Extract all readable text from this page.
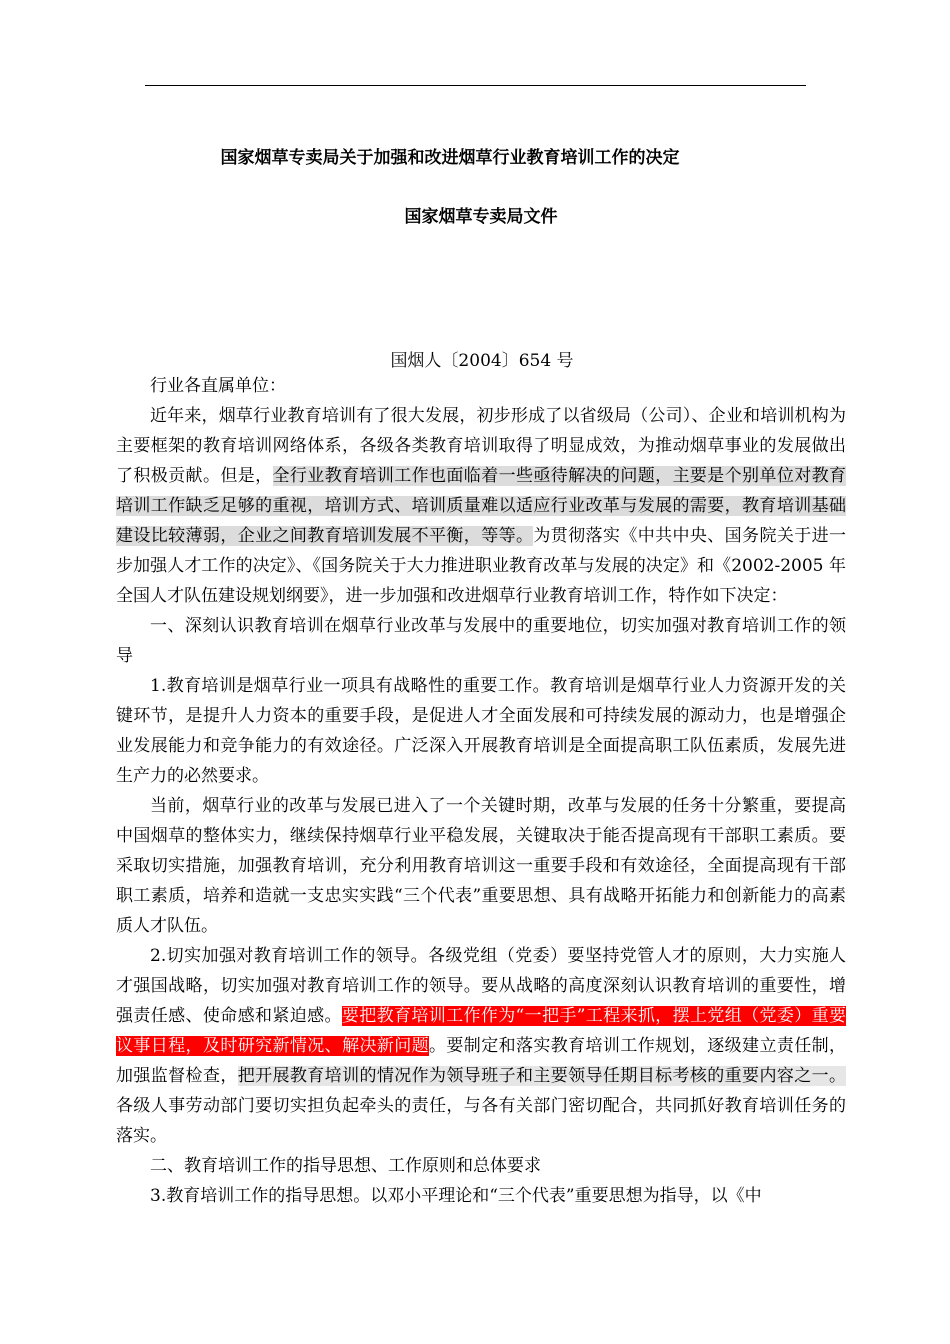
国家烟草专卖局关于加强和改进烟草行业教育培训工作的决定
国家烟草专卖局文件
国烟人〔2004〕654 号

行业各直属单位：

近年来，烟草行业教育培训有了很大发展，初步形成了以省级局（公司）、企业和培训机构为主要框架的教育培训网络体系，各级各类教育培训取得了明显成效，为推动烟草事业的发展做出了积极贡献。但是，全行业教育培训工作也面临着一些亟待解决的问题，主要是个别单位对教育培训工作缺乏足够的重视，培训方式、培训质量难以适应行业改革与发展的需要，教育培训基础建设比较薄弱，企业之间教育培训发展不平衡，等等。为贯彻落实《中共中央、国务院关于进一步加强人才工作的决定》、《国务院关于大力推进职业教育改革与发展的决定》和《2002-2005 年全国人才队伍建设规划纲要》，进一步加强和改进烟草行业教育培训工作，特作如下决定：

一、深刻认识教育培训在烟草行业改革与发展中的重要地位，切实加强对教育培训工作的领导

1.教育培训是烟草行业一项具有战略性的重要工作。教育培训是烟草行业人力资源开发的关键环节，是提升人力资本的重要手段，是促进人才全面发展和可持续发展的源动力，也是增强企业发展能力和竞争能力的有效途径。广泛深入开展教育培训是全面提高职工队伍素质，发展先进生产力的必然要求。

当前，烟草行业的改革与发展已进入了一个关键时期，改革与发展的任务十分繁重，要提高中国烟草的整体实力，继续保持烟草行业平稳发展，关键取决于能否提高现有干部职工素质。要采取切实措施，加强教育培训，充分利用教育培训这一重要手段和有效途径，全面提高现有干部职工素质，培养和造就一支忠实实践“三个代表”重要思想、具有战略开拓能力和创新能力的高素质人才队伍。

2.切实加强对教育培训工作的领导。各级党组（党委）要坚持党管人才的原则，大力实施人才强国战略，切实加强对教育培训工作的领导。要从战略的高度深刻认识教育培训的重要性，增强责任感、使命感和紧迫感。要把教育培训工作作为“一把手”工程来抓，摆上党组（党委）重要议事日程，及时研究新情况、解决新问题。要制定和落实教育培训工作规划，逐级建立责任制，加强监督检查，把开展教育培训的情况作为领导班子和主要领导任期目标考核的重要内容之一。各级人事劳动部门要切实担负起牵头的责任，与各有关部门密切配合，共同抓好教育培训任务的落实。

二、教育培训工作的指导思想、工作原则和总体要求

3.教育培训工作的指导思想。以邓小平理论和“三个代表”重要思想为指导，以《中
